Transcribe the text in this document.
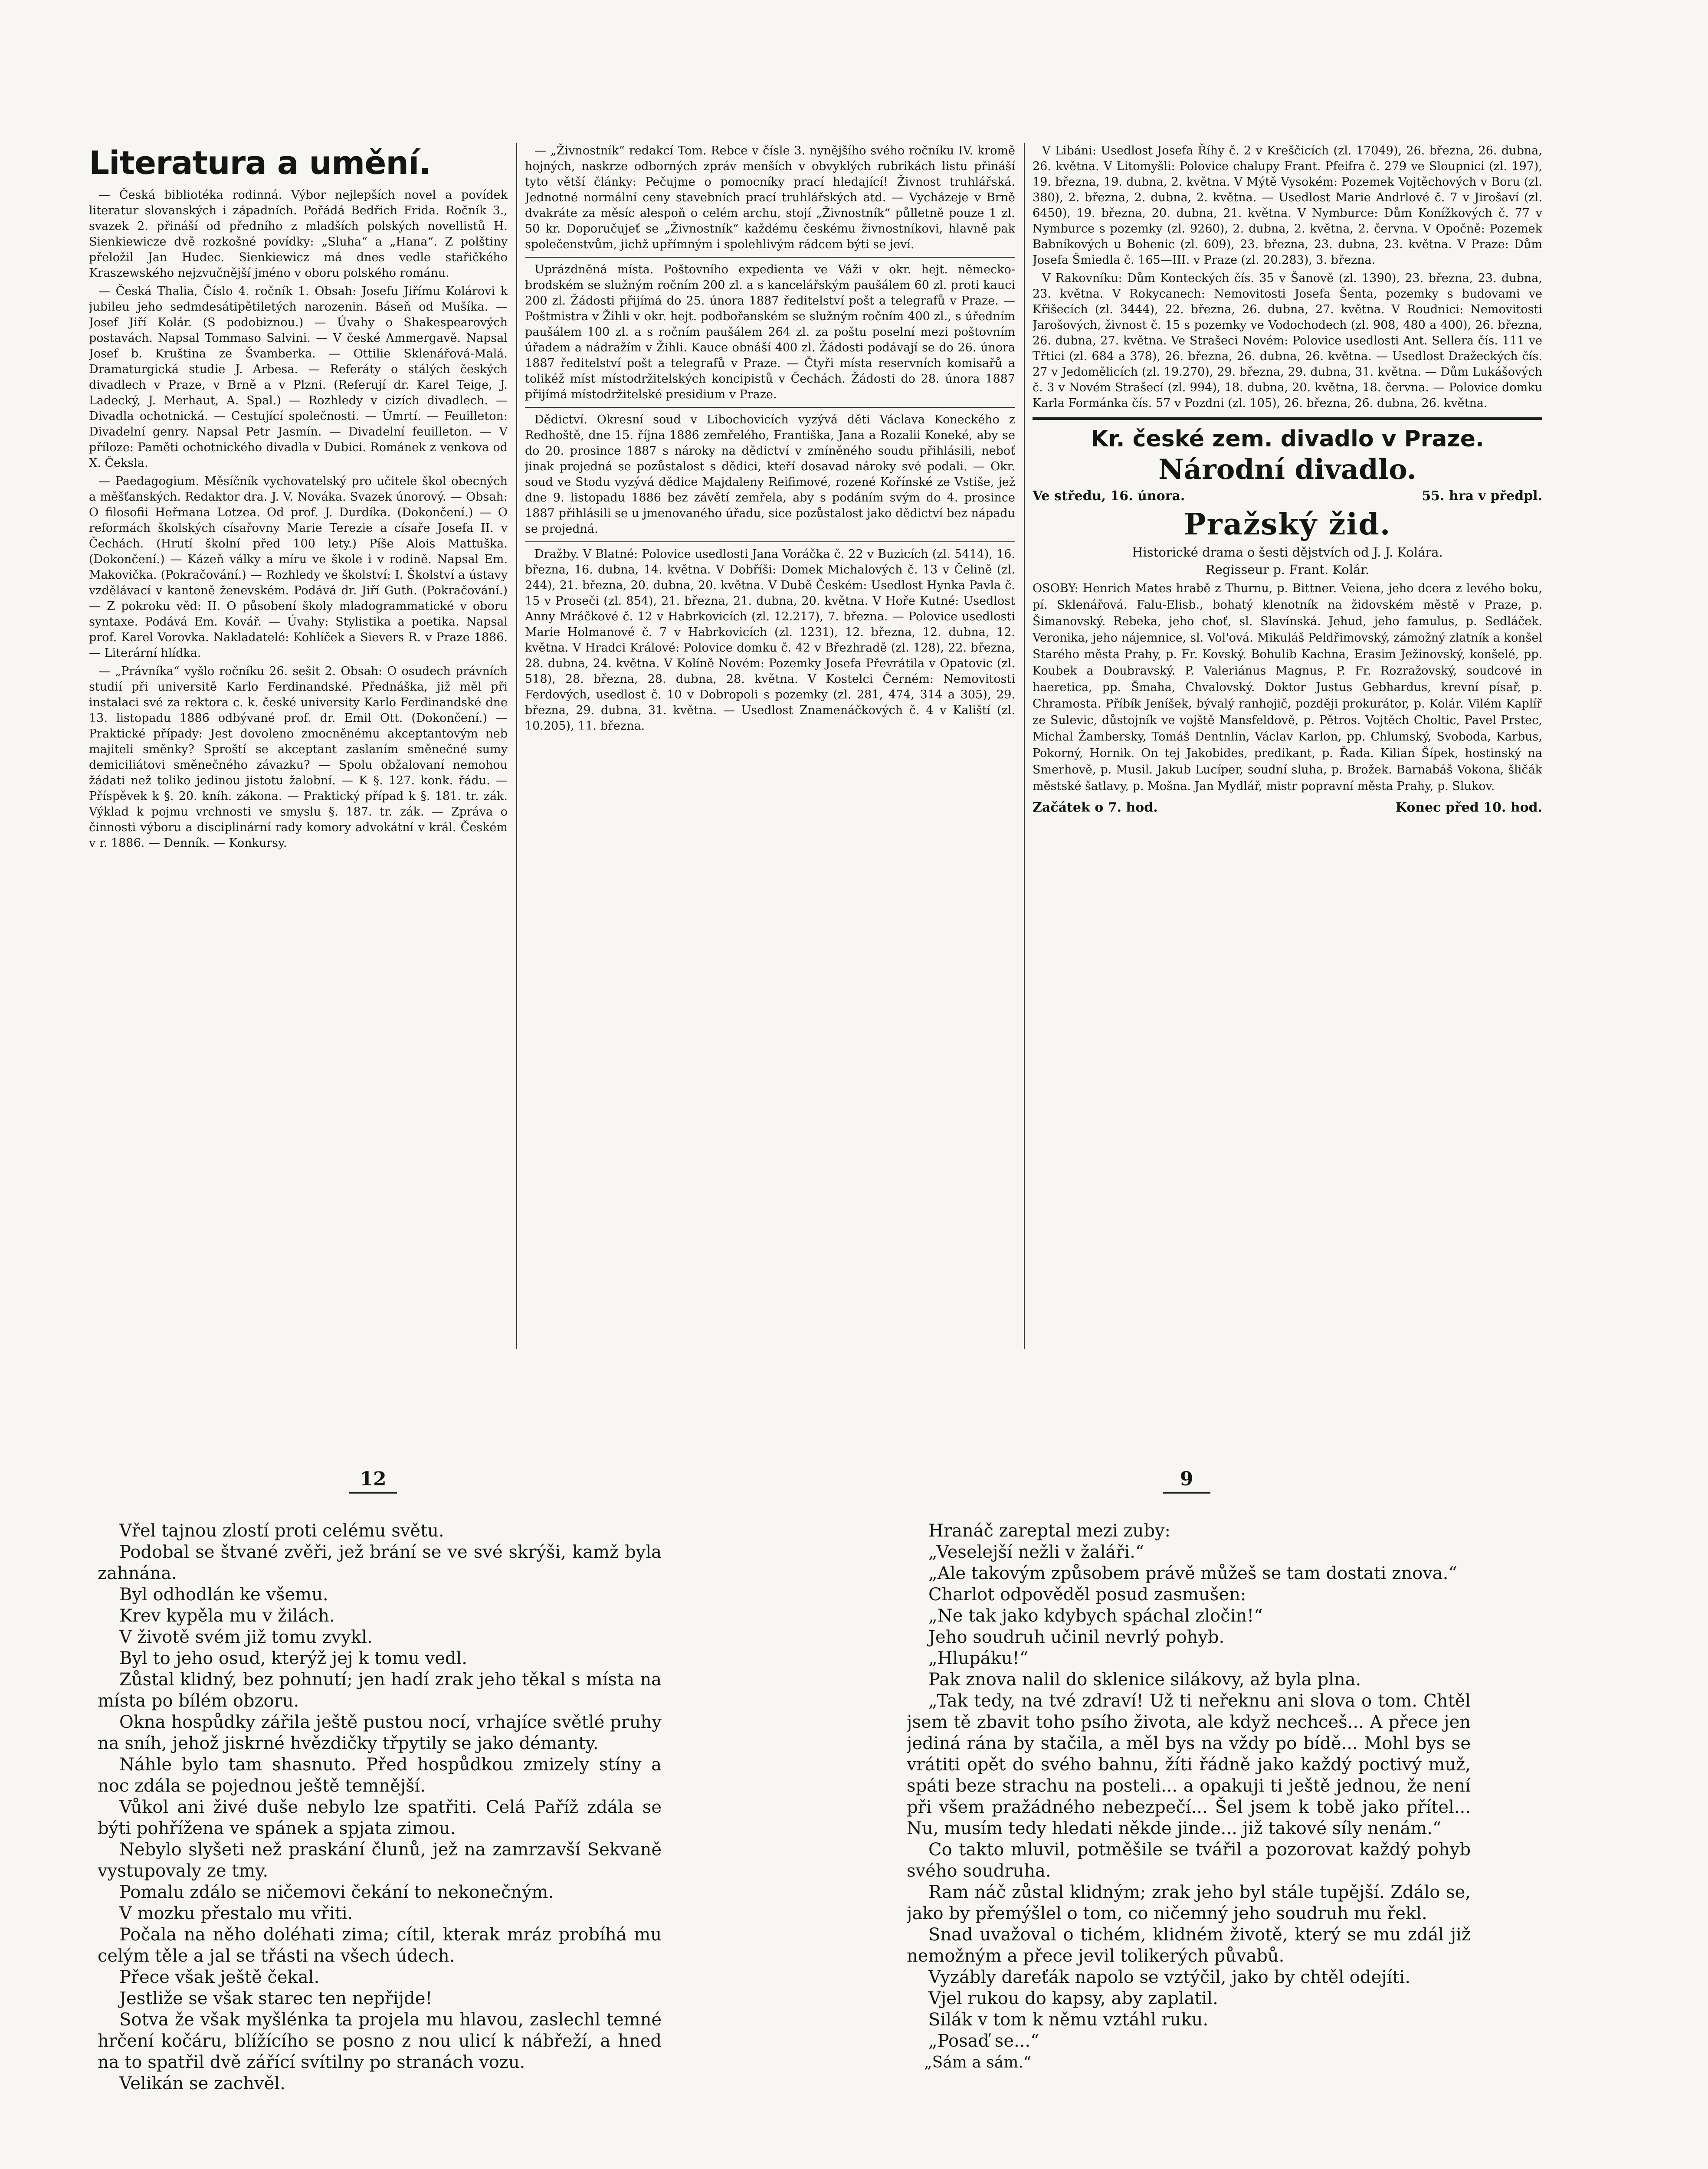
Literatura a umění.

— Česká bibliotéka rodinná. Výbor nejlepších novel a povídek literatur slovanských i západních. Pořádá Bedřich Frida. Ročník 3., svazek 2. přináší od předního z mladších polských novellistů H. Sienkiewicze dvě rozkošné povídky: „Sluha“ a „Hana“. Z polštiny přeložil Jan Hudec. Sienkiewicz má dnes vedle stařičkého Kraszewského nejzvučnější jméno v oboru polského románu.

— Česká Thalia, Číslo 4. ročník 1. Obsah: Josefu Jiřímu Kolárovi k jubileu jeho sedmdesátipětiletých narozenin. Báseň od Mušíka. — Josef Jiří Kolár. (S podobiznou.) — Úvahy o Shakespearových postavách. Napsal Tommaso Salvini. — V české Ammergavě. Napsal Josef b. Kruština ze Švamberka. — Ottilie Sklenářová-Malá. Dramaturgická studie J. Arbesa. — Referáty o stálých českých divadlech v Praze, v Brně a v Plzni. (Referují dr. Karel Teige, J. Ladecký, J. Merhaut, A. Spal.) — Rozhledy v cizích divadlech. — Divadla ochotnická. — Cestující společnosti. — Úmrtí. — Feuilleton: Divadelní genry. Napsal Petr Jasmín. — Divadelní feuilleton. — V příloze: Paměti ochotnického divadla v Dubici. Románek z venkova od X. Čeksla.

— Paedagogium. Měsíčník vychovatelský pro učitele škol obecných a měšťanských. Redaktor dra. J. V. Nováka. Svazek únorový. — Obsah: O filosofii Heřmana Lotzea. Od prof. J. Durdíka. (Dokončení.) — O reformách školských císařovny Marie Terezie a císaře Josefa II. v Čechách. (Hrutí školní před 100 lety.) Píše Alois Mattuška. (Dokončení.) — Kázeň války a míru ve škole i v rodině. Napsal Em. Makovička. (Pokračování.) — Rozhledy ve školství: I. Školství a ústavy vzdělávací v kantoně ženevském. Podává dr. Jiří Guth. (Pokračování.) — Z pokroku věd: II. O působení školy mladogrammatické v oboru syntaxe. Podává Em. Kovář. — Úvahy: Stylistika a poetika. Napsal prof. Karel Vorovka. Nakladatelé: Kohlíček a Sievers R. v Praze 1886. — Literární hlídka.

— „Právníka“ vyšlo ročníku 26. sešit 2. Obsah: O osudech právních studií při universitě Karlo Ferdinandské. Přednáška, již měl při instalaci své za rektora c. k. české university Karlo Ferdinandské dne 13. listopadu 1886 odbývané prof. dr. Emil Ott. (Dokončení.) — Praktické případy: Jest dovoleno zmocněnému akceptantovým neb majiteli směnky? Sproští se akceptant zaslaním směnečné sumy demiciliátovi směnečného závazku? — Spolu obžalovaní nemohou žádati než toliko jedinou jistotu žalobní. — K §. 127. konk. řádu. — Příspěvek k §. 20. kníh. zákona. — Praktický případ k §. 181. tr. zák. Výklad k pojmu vrchnosti ve smyslu §. 187. tr. zák. — Zpráva o činnosti výboru a disciplinární rady komory advokátní v král. Českém v r. 1886. — Denník. — Konkursy.

— „Živnostník“ redakcí Tom. Rebce v čísle 3. nynějšího svého ročníku IV. kromě hojných, naskrze odborných zpráv menších v obvyklých rubrikách listu přináší tyto větší články: Pečujme o pomocníky prací hledající! Živnost truhlářská. Jednotné normální ceny stavebních prací truhlářských atd. — Vycházeje v Brně dvakráte za měsíc alespoň o celém archu, stojí „Živnostník“ půlletně pouze 1 zl. 50 kr. Doporučujeť se „Živnostník“ každému českému živnostníkovi, hlavně pak společenstvům, jichž upřímným i spolehlivým rádcem býti se jeví.

Uprázdněná místa. Poštovního expedienta ve Váži v okr. hejt. německo-brodském se služným ročním 200 zl. a s kancelářským paušálem 60 zl. proti kauci 200 zl. Žádosti přijímá do 25. února 1887 ředitelství pošt a telegrafů v Praze. — Poštmistra v Žihli v okr. hejt. podbořanském se služným ročním 400 zl., s úředním paušálem 100 zl. a s ročním paušálem 264 zl. za poštu poselní mezi poštovním úřadem a nádražím v Žihli. Kauce obnáší 400 zl. Žádosti podávají se do 26. února 1887 ředitelství pošt a telegrafů v Praze. — Čtyři místa reservních komisařů a tolikéž míst místodržitelských koncipistů v Čechách. Žádosti do 28. února 1887 přijímá místodržitelské presidium v Praze.

Dědictví. Okresní soud v Libochovicích vyzývá děti Václava Koneckého z Redhoště, dne 15. října 1886 zemřelého, Františka, Jana a Rozalii Koneké, aby se do 20. prosince 1887 s nároky na dědictví v zmíněného soudu přihlásili, neboť jinak projedná se pozůstalost s dědici, kteří dosavad nároky své podali. — Okr. soud ve Stodu vyzývá dědice Majdaleny Reifimové, rozené Kořínské ze Vstiše, jež dne 9. listopadu 1886 bez závětí zemřela, aby s podáním svým do 4. prosince 1887 přihlásili se u jmenovaného úřadu, sice pozůstalost jako dědictví bez nápadu se projedná.

Dražby. V Blatné: Polovice usedlosti Jana Voráčka č. 22 v Buzicích (zl. 5414), 16. března, 16. dubna, 14. května. V Dobříši: Domek Michalových č. 13 v Čelině (zl. 244), 21. března, 20. dubna, 20. května. V Dubě Českém: Usedlost Hynka Pavla č. 15 v Proseči (zl. 854), 21. března, 21. dubna, 20. května. V Hoře Kutné: Usedlost Anny Mráčkové č. 12 v Habrkovicích (zl. 12.217), 7. března. — Polovice usedlosti Marie Holmanové č. 7 v Habrkovicích (zl. 1231), 12. března, 12. dubna, 12. května. V Hradci Králové: Polovice domku č. 42 v Březhradě (zl. 128), 22. března, 28. dubna, 24. května. V Kolíně Novém: Pozemky Josefa Převrátila v Opatovic (zl. 518), 28. března, 28. dubna, 28. května. V Kostelci Černém: Nemovitosti Ferdových, usedlost č. 10 v Dobropoli s pozemky (zl. 281, 474, 314 a 305), 29. března, 29. dubna, 31. května. — Usedlost Znamenáčkových č. 4 v Kaliští (zl. 10.205), 11. března.

V Libáni: Usedlost Josefa Říhy č. 2 v Kreščicích (zl. 17049), 26. března, 26. dubna, 26. května. V Litomyšli: Polovice chalupy Frant. Pfeifra č. 279 ve Sloupnici (zl. 197), 19. března, 19. dubna, 2. května. V Mýtě Vysokém: Pozemek Vojtěchových v Boru (zl. 380), 2. března, 2. dubna, 2. května. — Usedlost Marie Andrlové č. 7 v Jirošaví (zl. 6450), 19. března, 20. dubna, 21. května. V Nymburce: Dům Konížkových č. 77 v Nymburce s pozemky (zl. 9260), 2. dubna, 2. května, 2. června. V Opočně: Pozemek Babníkových u Bohenic (zl. 609), 23. března, 23. dubna, 23. května. V Praze: Dům Josefa Šmiedla č. 165—III. v Praze (zl. 20.283), 3. března.

V Rakovníku: Dům Konteckých čís. 35 v Šanově (zl. 1390), 23. března, 23. dubna, 23. května. V Rokycanech: Nemovitosti Josefa Šenta, pozemky s budovami ve Křišecích (zl. 3444), 22. března, 26. dubna, 27. května. V Roudnici: Nemovitosti Jarošových, živnost č. 15 s pozemky ve Vodochodech (zl. 908, 480 a 400), 26. března, 26. dubna, 27. května. Ve Strašeci Novém: Polovice usedlosti Ant. Sellera čís. 111 ve Třtici (zl. 684 a 378), 26. března, 26. dubna, 26. května. — Usedlost Dražeckých čís. 27 v Jedomělicích (zl. 19.270), 29. března, 29. dubna, 31. května. — Dům Lukášových č. 3 v Novém Strašecí (zl. 994), 18. dubna, 20. května, 18. června. — Polovice domku Karla Formánka čís. 57 v Pozdni (zl. 105), 26. března, 26. dubna, 26. května.

Kr. české zem. divadlo v Praze.
Národní divadlo.
Ve středu, 16. února.	55. hra v předpl.
Pražský žid.
Historické drama o šesti dějstvích od J. J. Kolára.
Regisseur p. Frant. Kolár.
OSOBY: Henrich Mates hrabě z Thurnu, p. Bittner. Veiena, jeho dcera z levého boku, pí. Sklenářová. Falu-Elisb., bohatý klenotník na židovském městě v Praze, p. Šimanovský. Rebeka, jeho choť, sl. Slavínská. Jehud, jeho famulus, p. Sedláček. Veronika, jeho nájemnice, sl. Vol'ová. Mikuláš Peldřimovský, zámožný zlatník a konšel Starého města Prahy, p. Fr. Kovský. Bohulib Kachna, Erasim Ježinovský, konšelé, pp. Koubek a Doubravský. P. Valeriánus Magnus, P. Fr. Rozražovský, soudcové in haeretica, pp. Šmaha, Chvalovský. Doktor Justus Gebhardus, krevní písař, p. Chramosta. Příbík Jeníšek, bývalý ranhojič, později prokurátor, p. Kolár. Vilém Kaplíř ze Sulevic, důstojník ve vojště Mansfeldově, p. Pětros. Vojtěch Choltic, Pavel Prstec, Michal Žambersky, Tomáš Dentnlin, Václav Karlon, pp. Chlumský, Svoboda, Karbus, Pokorný, Hornik. On tej Jakobides, predikant, p. Řada. Kilian Šípek, hostinský na Smerhově, p. Musil. Jakub Lucíper, soudní sluha, p. Brožek. Barnabáš Vokona, šličák městské šatlavy, p. Mošna. Jan Mydlář, mistr popravní města Prahy, p. Slukov.
Začátek o 7. hod.	Konec před 10. hod.
12	9

Vřel tajnou zlostí proti celému světu.

Podobal se štvané zvěři, jež brání se ve své skrýši, kamž byla zahnána.

Byl odhodlán ke všemu.

Krev kypěla mu v žilách.

V životě svém již tomu zvykl.

Byl to jeho osud, kterýž jej k tomu vedl.

Zůstal klidný, bez pohnutí; jen hadí zrak jeho těkal s místa na místa po bílém obzoru.

Okna hospůdky zářila ještě pustou nocí, vrhajíce světlé pruhy na sníh, jehož jiskrné hvězdičky třpytily se jako démanty.

Náhle bylo tam shasnuto. Před hospůdkou zmizely stíny a noc zdála se pojednou ještě temnější.

Vůkol ani živé duše nebylo lze spatřiti. Celá Paříž zdála se býti pohřížena ve spánek a spjata zimou.

Nebylo slyšeti než praskání člunů, jež na zamrzavší Sekvaně vystupovaly ze tmy.

Pomalu zdálo se ničemovi čekání to nekonečným.

V mozku přestalo mu vřiti.

Počala na něho doléhati zima; cítil, kterak mráz probíhá mu celým těle a jal se třásti na všech údech.

Přece však ještě čekal.

Jestliže se však starec ten nepřijde!

Sotva že však myšlénka ta projela mu hlavou, zaslechl temné hrčení kočáru, blížícího se posno z nou ulicí k nábřeží, a hned na to spatřil dvě zářící svítilny po stranách vozu.

Velikán se zachvěl.

Hranáč zareptal mezi zuby:

„Veselejší nežli v žaláři.“

„Ale takovým způsobem právě můžeš se tam dostati znova.“

Charlot odpověděl posud zasmušen:

„Ne tak jako kdybych spáchal zločin!“

Jeho soudruh učinil nevrlý pohyb.

„Hlupáku!“

Pak znova nalil do sklenice silákovy, až byla plna.

„Tak tedy, na tvé zdraví! Už ti neřeknu ani slova o tom. Chtěl jsem tě zbavit toho psího života, ale když nechceš... A přece jen jediná rána by stačila, a měl bys na vždy po bídě... Mohl bys se vrátiti opět do svého bahnu, žíti řádně jako každý poctivý muž, spáti beze strachu na posteli... a opakuji ti ještě jednou, že není při všem pražádného nebezpečí... Šel jsem k tobě jako přítel... Nu, musím tedy hledati někde jinde... již takové síly nenám.“

Co takto mluvil, potměšile se tvářil a pozorovat každý pohyb svého soudruha.

Ram náč zůstal klidným; zrak jeho byl stále tupější. Zdálo se, jako by přemýšlel o tom, co ničemný jeho soudruh mu řekl.

Snad uvažoval o tichém, klidném životě, který se mu zdál již nemožným a přece jevil tolikerých půvabů.

Vyzábly dareťák napolo se vztýčil, jako by chtěl odejíti.

Vjel rukou do kapsy, aby zaplatil.

Silák v tom k němu vztáhl ruku.

„Posaď se...“

„Sám a sám.“
